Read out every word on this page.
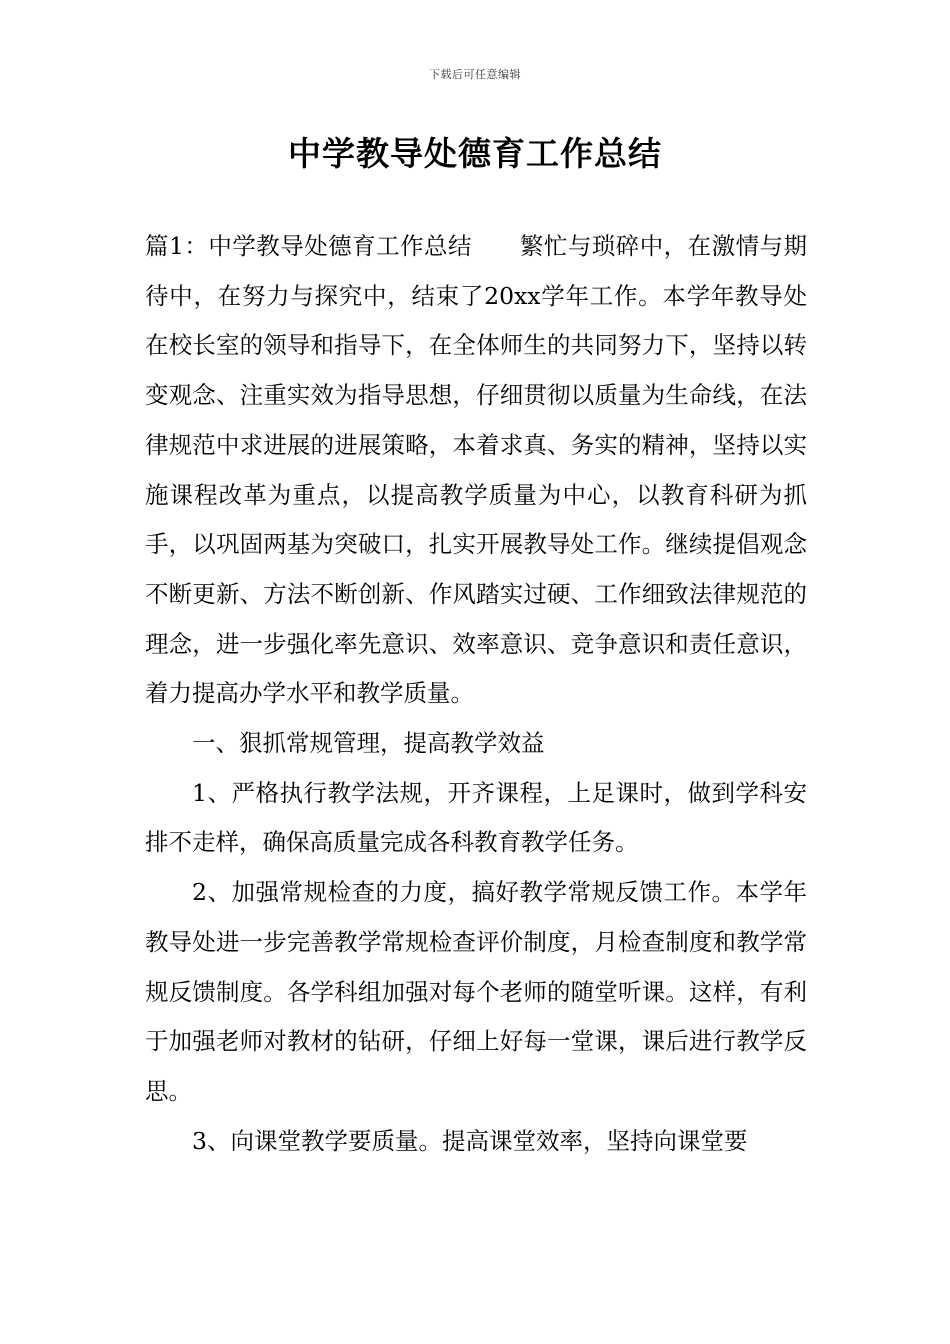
下载后可任意编辑
中学教导处德育工作总结

篇1：中学教导处德育工作总结　　繁忙与琐碎中，在激情与期待中，在努力与探究中，结束了20xx学年工作。本学年教导处在校长室的领导和指导下，在全体师生的共同努力下，坚持以转变观念、注重实效为指导思想，仔细贯彻以质量为生命线，在法律规范中求进展的进展策略，本着求真、务实的精神，坚持以实施课程改革为重点，以提高教学质量为中心，以教育科研为抓手，以巩固两基为突破口，扎实开展教导处工作。继续提倡观念不断更新、方法不断创新、作风踏实过硬、工作细致法律规范的理念，进一步强化率先意识、效率意识、竞争意识和责任意识，着力提高办学水平和教学质量。

一、狠抓常规管理，提高教学效益

1、严格执行教学法规，开齐课程，上足课时，做到学科安排不走样，确保高质量完成各科教育教学任务。

2、加强常规检查的力度，搞好教学常规反馈工作。本学年教导处进一步完善教学常规检查评价制度，月检查制度和教学常规反馈制度。各学科组加强对每个老师的随堂听课。这样，有利于加强老师对教材的钻研，仔细上好每一堂课，课后进行教学反思。

3、向课堂教学要质量。提高课堂效率，坚持向课堂要
